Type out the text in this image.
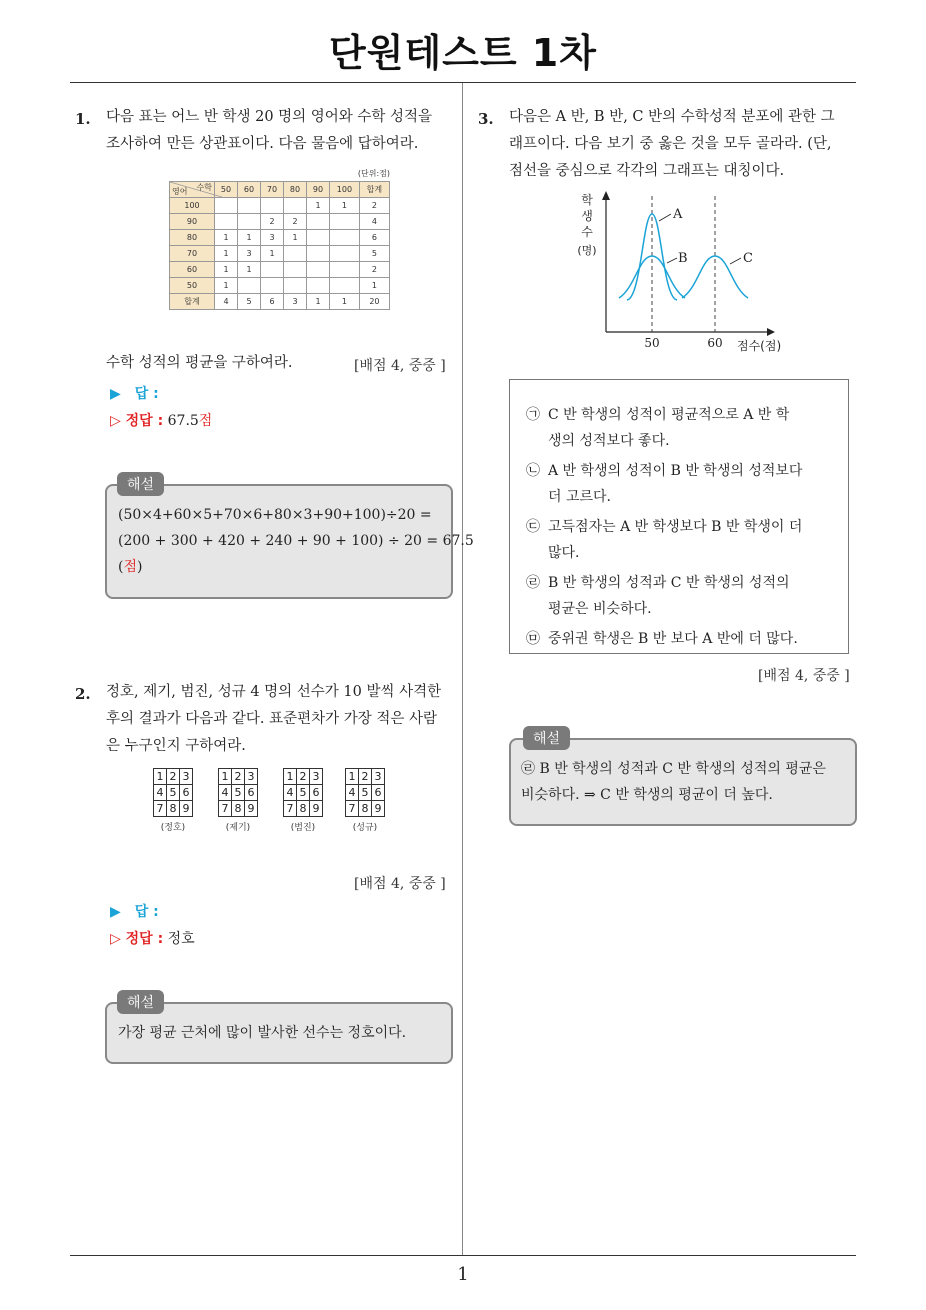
단원테스트 1차
1. 다음 표는 어느 반 학생 20 명의 영어와 수학 성적을
조사하여 만든 상관표이다. 다음 물음에 답하여라.
(단위:점)
수학
영어	50	60	70	80	90	100	합계
100					1	1	2
90			2	2			4
80	1	1	3	1			6
70	1	3	1				5
60	1	1					2
50	1						1
합계	4	5	6	3	1	1	20
수학 성적의 평균을 구하여라.	[배점 4, 중중 ]
▶ 답 :
▷ 정답 : 67.5점
해설
(50×4+60×5+70×6+80×3+90+100)÷20 =
(200 + 300 + 420 + 240 + 90 + 100) ÷ 20 = 67.5
(점)
2. 정호, 제기, 범진, 성규 4 명의 선수가 10 발씩 사격한
후의 결과가 다음과 같다. 표준편차가 가장 적은 사람
은 누구인지 구하여라.
1	2	3
4	5	6
7	8	9
(정호)
1	2	3
4	5	6
7	8	9
(제기)
1	2	3
4	5	6
7	8	9
(범진)
1	2	3
4	5	6
7	8	9
(성규)
[배점 4, 중중 ]
▶ 답 :
▷ 정답 : 정호
해설
가장 평균 근처에 많이 발사한 선수는 정호이다.
3. 다음은 A 반, B 반, C 반의 수학성적 분포에 관한 그
래프이다. 다음 보기 중 옳은 것을 모두 골라라. (단,
점선을 중심으로 각각의 그래프는 대칭이다.
A
B	C
학
생
수
(명)
50	60 점수(점)
㉠ C 반 학생의 성적이 평균적으로 A 반 학
생의 성적보다 좋다.
㉡ A 반 학생의 성적이 B 반 학생의 성적보다
더 고르다.
㉢ 고득점자는 A 반 학생보다 B 반 학생이 더
많다.
㉣ B 반 학생의 성적과 C 반 학생의 성적의
평균은 비슷하다.
㉤ 중위권 학생은 B 반 보다 A 반에 더 많다.
[배점 4, 중중 ]
해설
㉣ B 반 학생의 성적과 C 반 학생의 성적의 평균은
비슷하다. ⇒ C 반 학생의 평균이 더 높다.
1
